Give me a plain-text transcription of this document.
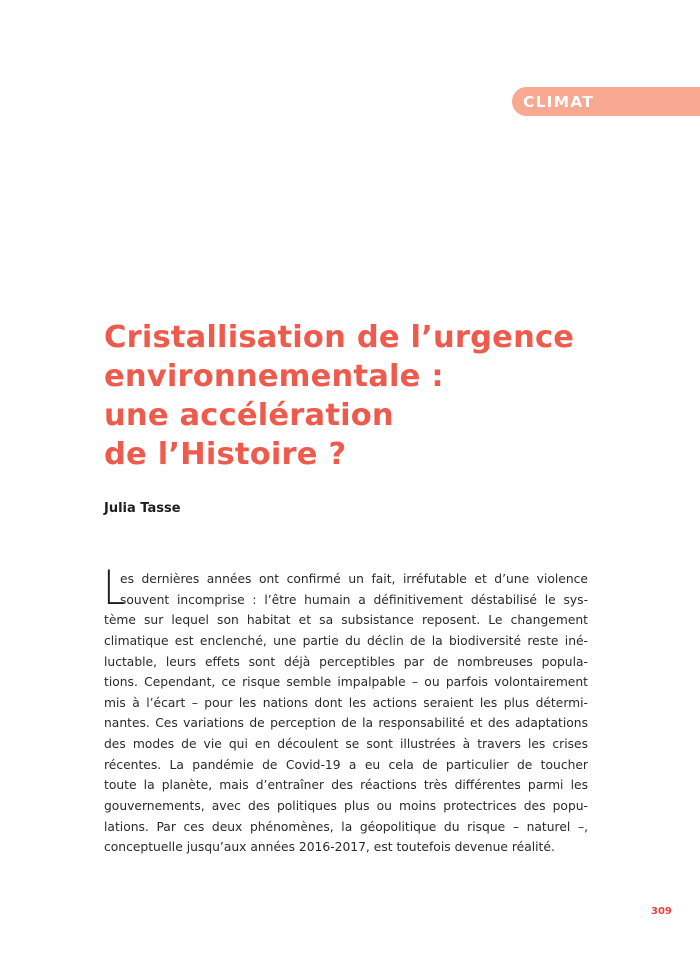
CLIMAT
Cristallisation de l’urgence
environnementale :
une accélération
de l’Histoire ?

Julia Tasse

L
es dernières années ont confirmé un fait, irréfutable et d’une violence
souvent incomprise : l’être humain a définitivement déstabilisé le sys-
tème sur lequel son habitat et sa subsistance reposent. Le changement
climatique est enclenché, une partie du déclin de la biodiversité reste iné-
luctable, leurs effets sont déjà perceptibles par de nombreuses popula-
tions. Cependant, ce risque semble impalpable – ou parfois volontairement
mis à l’écart – pour les nations dont les actions seraient les plus détermi-
nantes. Ces variations de perception de la responsabilité et des adaptations
des modes de vie qui en découlent se sont illustrées à travers les crises
récentes. La pandémie de Covid-19 a eu cela de particulier de toucher
toute la planète, mais d’entraîner des réactions très différentes parmi les
gouvernements, avec des politiques plus ou moins protectrices des popu-
lations. Par ces deux phénomènes, la géopolitique du risque – naturel –,
conceptuelle jusqu’aux années 2016-2017, est toutefois devenue réalité.
309
